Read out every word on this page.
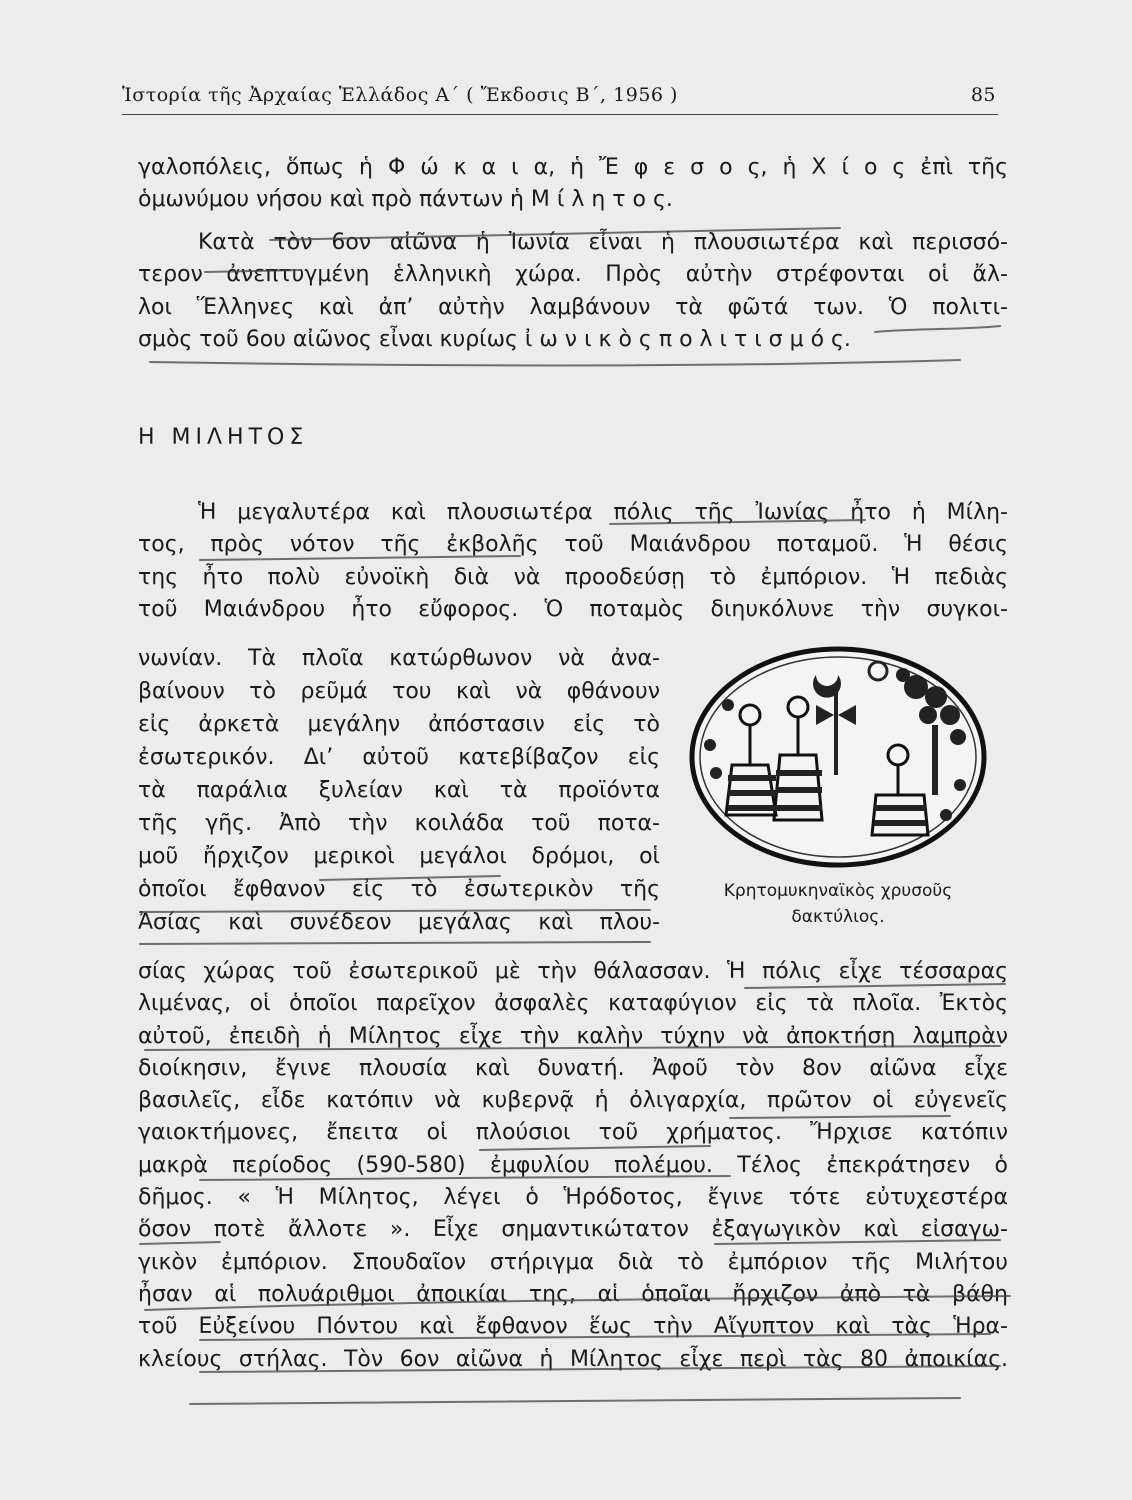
Ἱστορία τῆς Ἀρχαίας Ἑλλάδος Α΄ ( Ἔκδοσις Β΄, 1956 )	85
γαλοπόλεις, ὅπως ἡ Φ ώ κ α ι α, ἡ Ἔ φ ε σ ο ς, ἡ Χ ί ο ς ἐπὶ τῆς
ὁμωνύμου νήσου καὶ πρὸ πάντων ἡ Μ ί λ η τ ο ς.
Κατὰ τὸν 6ον αἰῶνα ἡ Ἰωνία εἶναι ἡ πλουσιωτέρα καὶ περισσό-
τερον ἀνεπτυγμένη ἑλληνικὴ χώρα. Πρὸς αὐτὴν στρέφονται οἱ ἄλ-
λοι Ἕλληνες καὶ ἀπ’ αὐτὴν λαμβάνουν τὰ φῶτά των. Ὁ πολιτι-
σμὸς τοῦ 6ου αἰῶνος εἶναι κυρίως ἰ ω ν ι κ ὸ ς π ο λ ι τ ι σ μ ό ς.
Η ΜΙΛΗΤΟΣ
Ἡ μεγαλυτέρα καὶ πλουσιωτέρα πόλις τῆς Ἰωνίας ἦτο ἡ Μίλη-
τος, πρὸς νότον τῆς ἐκβολῆς τοῦ Μαιάνδρου ποταμοῦ. Ἡ θέσις
της ἦτο πολὺ εὐνοϊκὴ διὰ νὰ προοδεύσῃ τὸ ἐμπόριον. Ἡ πεδιὰς
τοῦ Μαιάνδρου ἦτο εὔφορος. Ὁ ποταμὸς διηυκόλυνε τὴν συγκοι-
νωνίαν. Τὰ πλοῖα κατώρθωνον νὰ ἀνα-
βαίνουν τὸ ρεῦμά του καὶ νὰ φθάνουν
εἰς ἀρκετὰ μεγάλην ἀπόστασιν εἰς τὸ
ἐσωτερικόν. Δι’ αὐτοῦ κατεβίβαζον εἰς
τὰ παράλια ξυλείαν καὶ τὰ προϊόντα
τῆς γῆς. Ἀπὸ τὴν κοιλάδα τοῦ ποτα-
μοῦ ἤρχιζον μερικοὶ μεγάλοι δρόμοι, οἱ
ὁποῖοι ἔφθανον εἰς τὸ ἐσωτερικὸν τῆς
Ἀσίας καὶ συνέδεον μεγάλας καὶ πλου-
Κρητομυκηναϊκὸς χρυσοῦς
δακτύλιος.
σίας χώρας τοῦ ἐσωτερικοῦ μὲ τὴν θάλασσαν. Ἡ πόλις εἶχε τέσσαρας
λιμένας, οἱ ὁποῖοι παρεῖχον ἀσφαλὲς καταφύγιον εἰς τὰ πλοῖα. Ἐκτὸς
αὐτοῦ, ἐπειδὴ ἡ Μίλητος εἶχε τὴν καλὴν τύχην νὰ ἀποκτήσῃ λαμπρὰν
διοίκησιν, ἔγινε πλουσία καὶ δυνατή. Ἀφοῦ τὸν 8ον αἰῶνα εἶχε
βασιλεῖς, εἶδε κατόπιν νὰ κυβερνᾷ ἡ ὀλιγαρχία, πρῶτον οἱ εὐγενεῖς
γαιοκτήμονες, ἔπειτα οἱ πλούσιοι τοῦ χρήματος. Ἤρχισε κατόπιν
μακρὰ περίοδος (590-580) ἐμφυλίου πολέμου. Τέλος ἐπεκράτησεν ὁ
δῆμος. « Ἡ Μίλητος, λέγει ὁ Ἡρόδοτος, ἔγινε τότε εὐτυχεστέρα
ὅσον ποτὲ ἄλλοτε ». Εἶχε σημαντικώτατον ἐξαγωγικὸν καὶ εἰσαγω-
γικὸν ἐμπόριον. Σπουδαῖον στήριγμα διὰ τὸ ἐμπόριον τῆς Μιλήτου
ἦσαν αἱ πολυάριθμοι ἀποικίαι της, αἱ ὁποῖαι ἤρχιζον ἀπὸ τὰ βάθη
τοῦ Εὐξείνου Πόντου καὶ ἔφθανον ἕως τὴν Αἴγυπτον καὶ τὰς Ἡρα-
κλείους στήλας. Τὸν 6ον αἰῶνα ἡ Μίλητος εἶχε περὶ τὰς 80 ἀποικίας.
